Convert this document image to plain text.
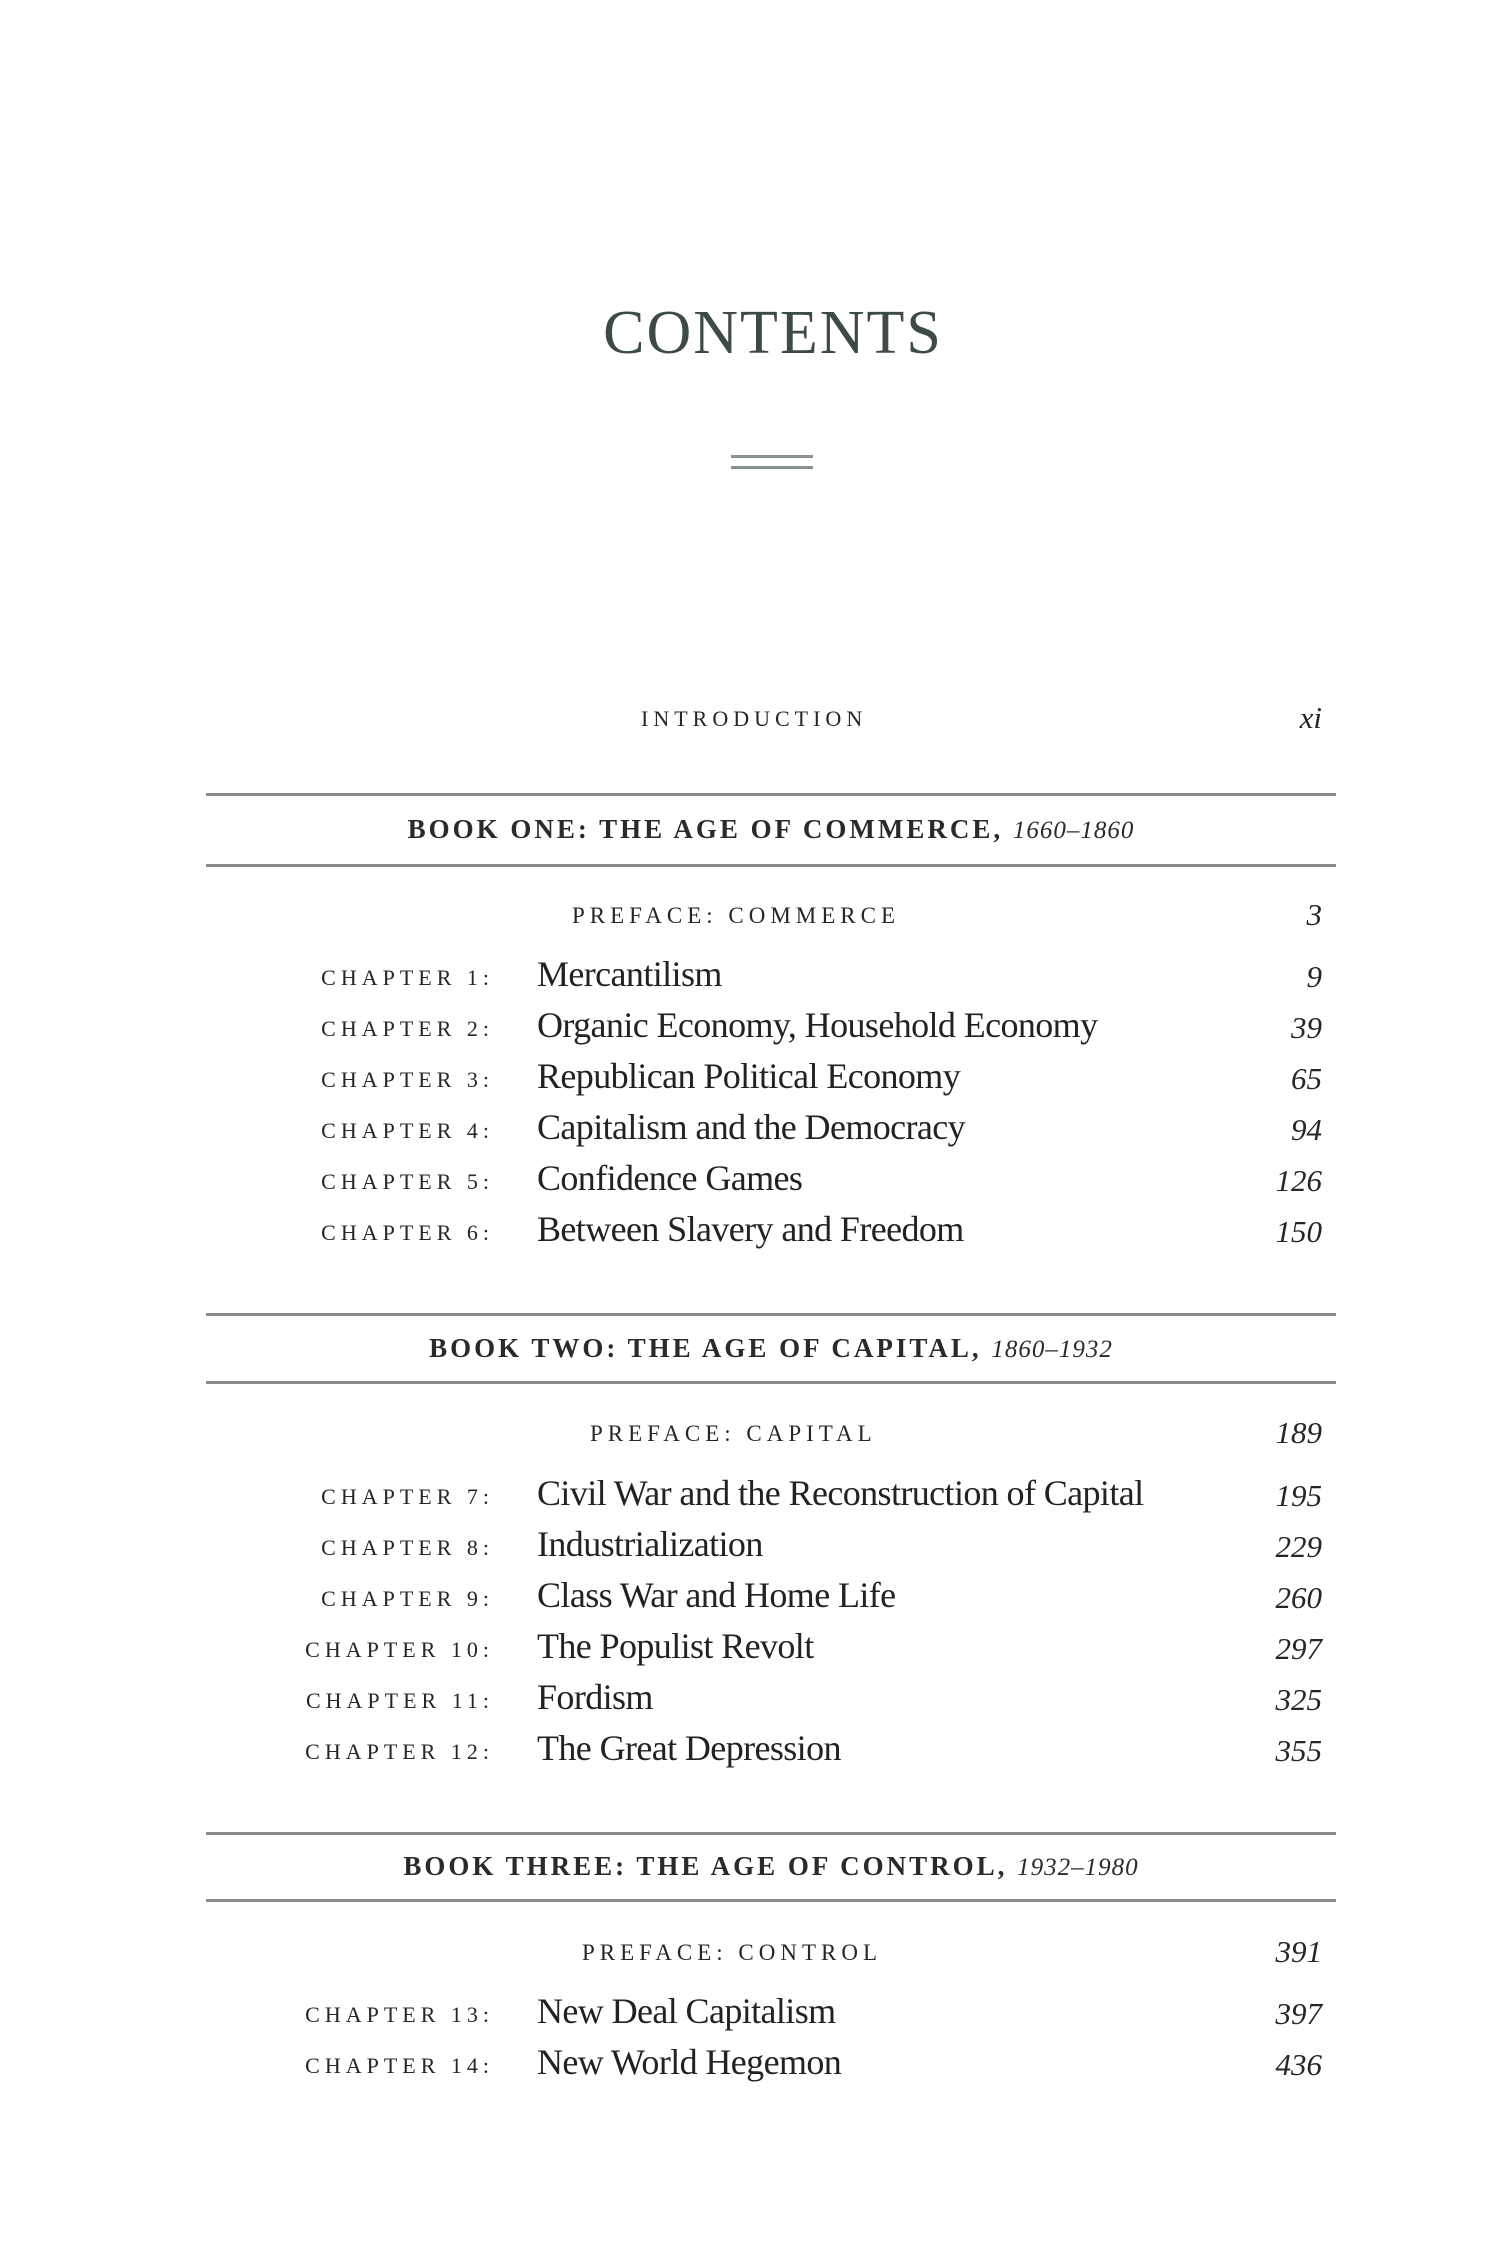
CONTENTS
INTRODUCTION	xi
BOOK ONE: THE AGE OF COMMERCE, 1660–1860
PREFACE: COMMERCE	3
CHAPTER 1: Mercantilism	9
CHAPTER 2: Organic Economy, Household Economy	39
CHAPTER 3: Republican Political Economy	65
CHAPTER 4: Capitalism and the Democracy	94
CHAPTER 5: Confidence Games	126
CHAPTER 6: Between Slavery and Freedom	150
BOOK TWO: THE AGE OF CAPITAL, 1860–1932
PREFACE: CAPITAL	189
CHAPTER 7: Civil War and the Reconstruction of Capital	195
CHAPTER 8: Industrialization	229
CHAPTER 9: Class War and Home Life	260
CHAPTER 10: The Populist Revolt	297
CHAPTER 11: Fordism	325
CHAPTER 12: The Great Depression	355
BOOK THREE: THE AGE OF CONTROL, 1932–1980
PREFACE: CONTROL	391
CHAPTER 13: New Deal Capitalism	397
CHAPTER 14: New World Hegemon	436
